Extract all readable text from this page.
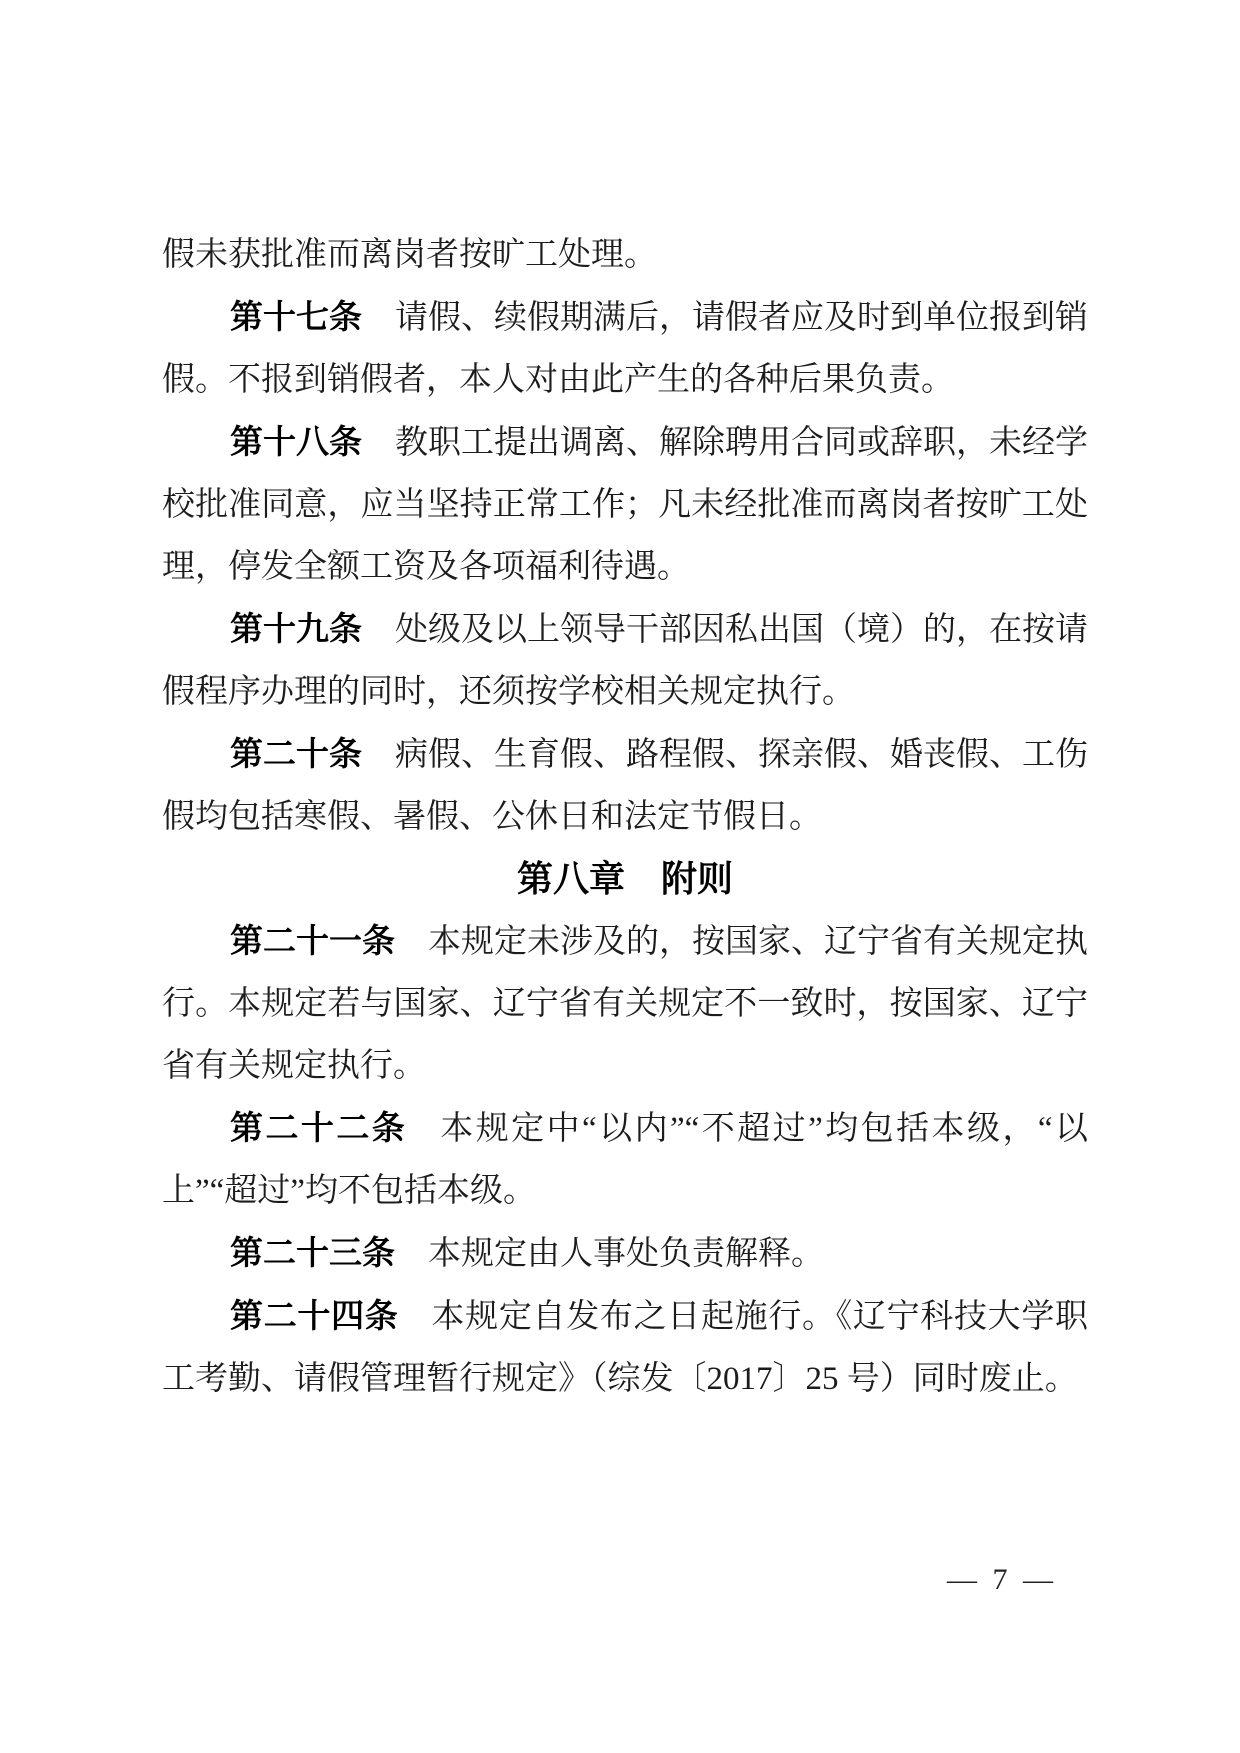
假未获批准而离岗者按旷工处理。

第十七条 请假、续假期满后，请假者应及时到单位报到销假。不报到销假者，本人对由此产生的各种后果负责。

第十八条 教职工提出调离、解除聘用合同或辞职，未经学校批准同意，应当坚持正常工作；凡未经批准而离岗者按旷工处理，停发全额工资及各项福利待遇。

第十九条 处级及以上领导干部因私出国（境）的，在按请假程序办理的同时，还须按学校相关规定执行。

第二十条 病假、生育假、路程假、探亲假、婚丧假、工伤假均包括寒假、暑假、公休日和法定节假日。

第八章　附则

第二十一条 本规定未涉及的，按国家、辽宁省有关规定执行。本规定若与国家、辽宁省有关规定不一致时，按国家、辽宁省有关规定执行。

第二十二条 本规定中“以内”“不超过”均包括本级，“以上”“超过”均不包括本级。

第二十三条 本规定由人事处负责解释。

第二十四条 本规定自发布之日起施行。《辽宁科技大学职工考勤、请假管理暂行规定》（综发〔2017〕25 号）同时废止。

— 7 —
